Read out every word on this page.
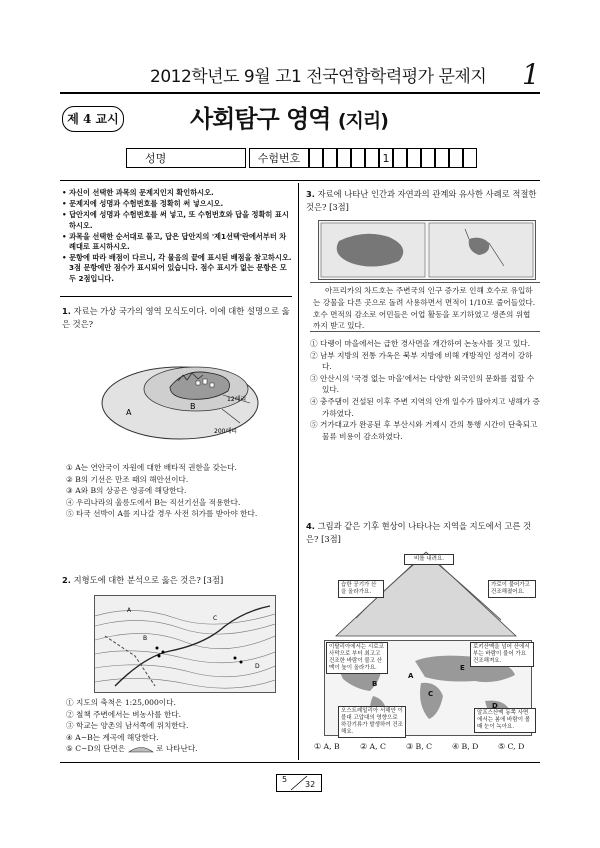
2012학년도 9월 고1 전국연합학력평가 문제지 1
제 4 교시	사회탐구 영역 (지리)
성명	수험번호	1
• 자신이 선택한 과목의 문제지인지 확인하시오.
• 문제지에 성명과 수험번호를 정확히 써 넣으시오.
• 답안지에 성명과 수험번호를 써 넣고, 또 수험번호와 답을 정확히 표시하시오.
• 과목을 선택한 순서대로 풀고, 답은 답안지의 '제1선택'란에서부터 차례대로 표시하시오.
• 문항에 따라 배점이 다르니, 각 물음의 끝에 표시된 배점을 참고하시오. 3점 문항에만 점수가 표시되어 있습니다. 점수 표시가 없는 문항은 모두 2점입니다.
1. 자료는 가상 국가의 영역 모식도이다. 이에 대한 설명으로 옳은 것은?
B
A
12해리
200해리
① A는 연안국이 자원에 대한 배타적 권한을 갖는다.
② B의 기선은 만조 때의 해안선이다.
③ A와 B의 상공은 영공에 해당한다.
④ 우리나라의 울릉도에서 B는 직선기선을 적용한다.
⑤ 타국 선박이 A를 지나갈 경우 사전 허가를 받아야 한다.
2. 지형도에 대한 분석으로 옳은 것은? [3점]
A
B
C
D
① 지도의 축척은 1:25,000이다.
② 철책 주변에서는 벼농사를 한다.
③ 학교는 양촌의 남서쪽에 위치한다.
④ A~B는 계곡에 해당한다.
⑤ C~D의 단면은	로 나타난다.
3. 자료에 나타난 인간과 자연과의 관계와 유사한 사례로 적절한 것은? [3점]
아프리카의 차드호는 주변국의 인구 증가로 인해 호수로 유입하는 강물을 다른 곳으로 돌려 사용하면서 면적이 1/10로 줄어들었다. 호수 면적의 감소로 어민들은 어업 활동을 포기하였고 생존의 위협까지 받고 있다.
① 다랭이 마을에서는 급한 경사면을 개간하여 논농사를 짓고 있다.
② 남부 지방의 전통 가옥은 북부 지방에 비해 개방적인 성격이 강하다.
③ 안산시의 '국경 없는 마을'에서는 다양한 외국인의 문화를 접할 수 있다.
④ 충주댐이 건설된 이후 주변 지역의 안개 일수가 많아지고 냉해가 증가하였다.
⑤ 거가대교가 완공된 후 부산시와 거제시 간의 통행 시간이 단축되고 물류 비용이 감소하였다.
4. 그림과 같은 기후 현상이 나타나는 지역을 지도에서 고른 것은? [3점]
비를 내려요.
습한 공기가 산을 올라가요.
가로이 불어가고 건조해졌어요.
이탈리아에서는 시로코 사막으로 부터 최고고 건조한 바람이 불고 산맥이 높이 올라가요.
로키산맥을 넘어 산에서 부는 바람이 불어 가요 건조해져요.
오스트레일리아 서해안 이블대 고압대의 영향으로 하강기류가 발생하여 건조해요.
알프스산맥 동쪽 사면에서는 봄에 바람이 볼 때 눈이 녹아요.
A
B
C
D
E
① A, B	② A, C	③ B, C	④ B, D	⑤ C, D
5
32
